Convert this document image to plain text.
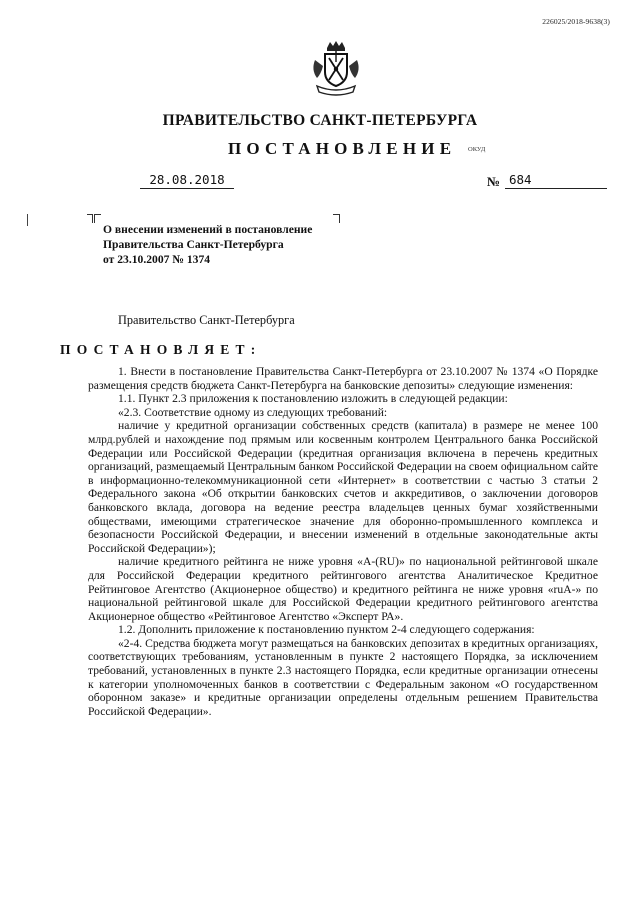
226025/2018-9638(3)
ПРАВИТЕЛЬСТВО САНКТ-ПЕТЕРБУРГА
ПОСТАНОВЛЕНИЕ ОКУД
28.08.2018	№ 684
О внесении изменений в постановление
Правительства Санкт-Петербурга
от 23.10.2007 № 1374
Правительство Санкт-Петербурга
ПОСТАНОВЛЯЕТ:

1. Внести в постановление Правительства Санкт-Петербурга от 23.10.2007 № 1374 «О Порядке размещения средств бюджета Санкт-Петербурга на банковские депозиты» следующие изменения:

1.1. Пункт 2.3 приложения к постановлению изложить в следующей редакции:

«2.3. Соответствие одному из следующих требований:

наличие у кредитной организации собственных средств (капитала) в размере не менее 100 млрд.рублей и нахождение под прямым или косвенным контролем Центрального банка Российской Федерации или Российской Федерации (кредитная организация включена в перечень кредитных организаций, размещаемый Центральным банком Российской Федерации на своем официальном сайте в информационно-телекоммуникационной сети «Интернет» в соответствии с частью 3 статьи 2 Федерального закона «Об открытии банковских счетов и аккредитивов, о заключении договоров банковского вклада, договора на ведение реестра владельцев ценных бумаг хозяйственными обществами, имеющими стратегическое значение для оборонно-промышленного комплекса и безопасности Российской Федерации, и внесении изменений в отдельные законодательные акты Российской Федерации»);

наличие кредитного рейтинга не ниже уровня «A-(RU)» по национальной рейтинговой шкале для Российской Федерации кредитного рейтингового агентства Аналитическое Кредитное Рейтинговое Агентство (Акционерное общество) и кредитного рейтинга не ниже уровня «ruA-» по национальной рейтинговой шкале для Российской Федерации кредитного рейтингового агентства Акционерное общество «Рейтинговое Агентство «Эксперт РА».

1.2. Дополнить приложение к постановлению пунктом 2-4 следующего содержания:

«2-4. Средства бюджета могут размещаться на банковских депозитах в кредитных организациях, соответствующих требованиям, установленным в пункте 2 настоящего Порядка, за исключением требований, установленных в пункте 2.3 настоящего Порядка, если кредитные организации отнесены к категории уполномоченных банков в соответствии с Федеральным законом «О государственном оборонном заказе» и кредитные организации определены отдельным решением Правительства Российской Федерации».
